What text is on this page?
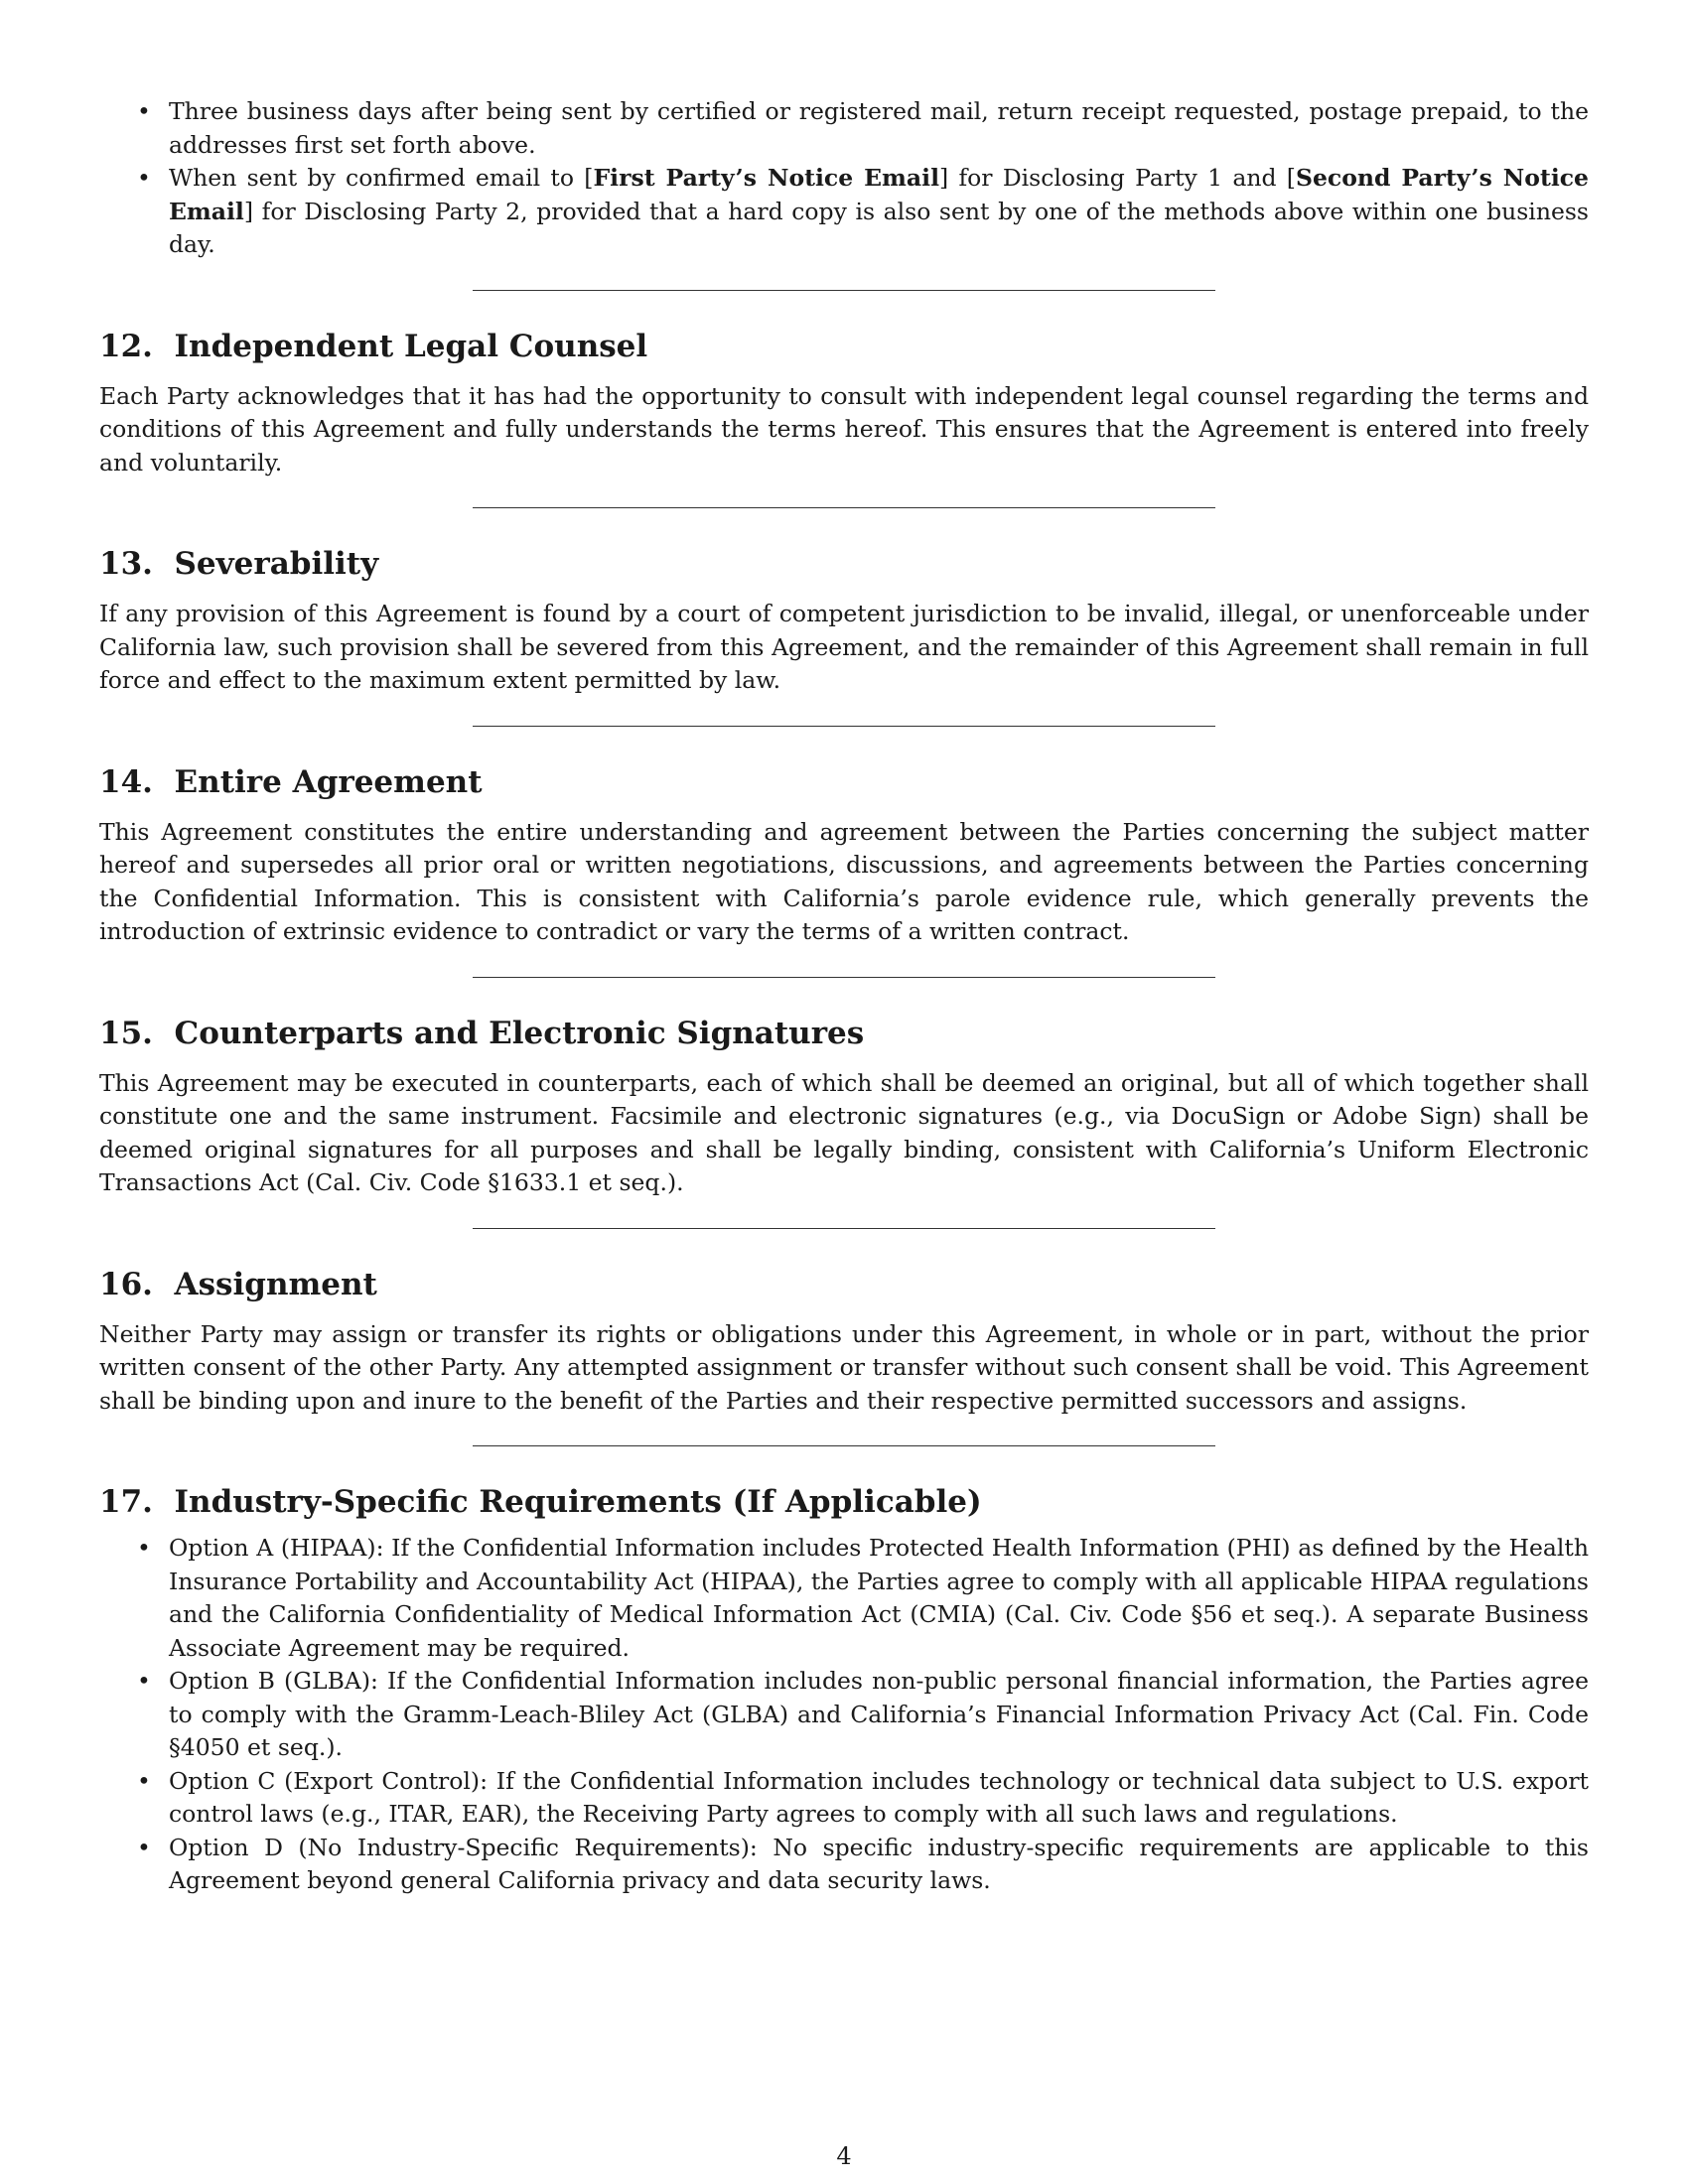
• Three business days after being sent by certified or registered mail, return receipt requested, postage prepaid, to the addresses first set forth above.
• When sent by confirmed email to [First Party’s Notice Email] for Disclosing Party 1 and [Second Party’s Notice Email] for Disclosing Party 2, provided that a hard copy is also sent by one of the methods above within one business day.
12. Independent Legal Counsel

Each Party acknowledges that it has had the opportunity to consult with independent legal counsel regarding the terms and conditions of this Agreement and fully understands the terms hereof. This ensures that the Agreement is entered into freely and voluntarily.

13. Severability

If any provision of this Agreement is found by a court of competent jurisdiction to be invalid, illegal, or unenforceable under California law, such provision shall be severed from this Agreement, and the remainder of this Agreement shall remain in full force and effect to the maximum extent permitted by law.

14. Entire Agreement

This Agreement constitutes the entire understanding and agreement between the Parties concerning the subject matter hereof and supersedes all prior oral or written negotiations, discussions, and agreements between the Parties concerning the Confidential Information. This is consistent with California’s parole evidence rule, which generally prevents the introduction of extrinsic evidence to contradict or vary the terms of a written contract.

15. Counterparts and Electronic Signatures

This Agreement may be executed in counterparts, each of which shall be deemed an original, but all of which together shall constitute one and the same instrument. Facsimile and electronic signatures (e.g., via DocuSign or Adobe Sign) shall be deemed original signatures for all purposes and shall be legally binding, consistent with California’s Uniform Electronic Transactions Act (Cal. Civ. Code §1633.1 et seq.).

16. Assignment

Neither Party may assign or transfer its rights or obligations under this Agreement, in whole or in part, without the prior written consent of the other Party. Any attempted assignment or transfer without such consent shall be void. This Agreement shall be binding upon and inure to the benefit of the Parties and their respective permitted successors and assigns.

17. Industry-Specific Requirements (If Applicable)
• Option A (HIPAA): If the Confidential Information includes Protected Health Information (PHI) as defined by the Health Insurance Portability and Accountability Act (HIPAA), the Parties agree to comply with all applicable HIPAA regulations and the California Confidentiality of Medical Information Act (CMIA) (Cal. Civ. Code §56 et seq.). A separate Business Associate Agreement may be required.
• Option B (GLBA): If the Confidential Information includes non-public personal financial information, the Parties agree to comply with the Gramm-Leach-Bliley Act (GLBA) and California’s Financial Information Privacy Act (Cal. Fin. Code §4050 et seq.).
• Option C (Export Control): If the Confidential Information includes technology or technical data subject to U.S. export control laws (e.g., ITAR, EAR), the Receiving Party agrees to comply with all such laws and regulations.
• Option D (No Industry-Specific Requirements): No specific industry-specific requirements are applicable to this Agreement beyond general California privacy and data security laws.
4
